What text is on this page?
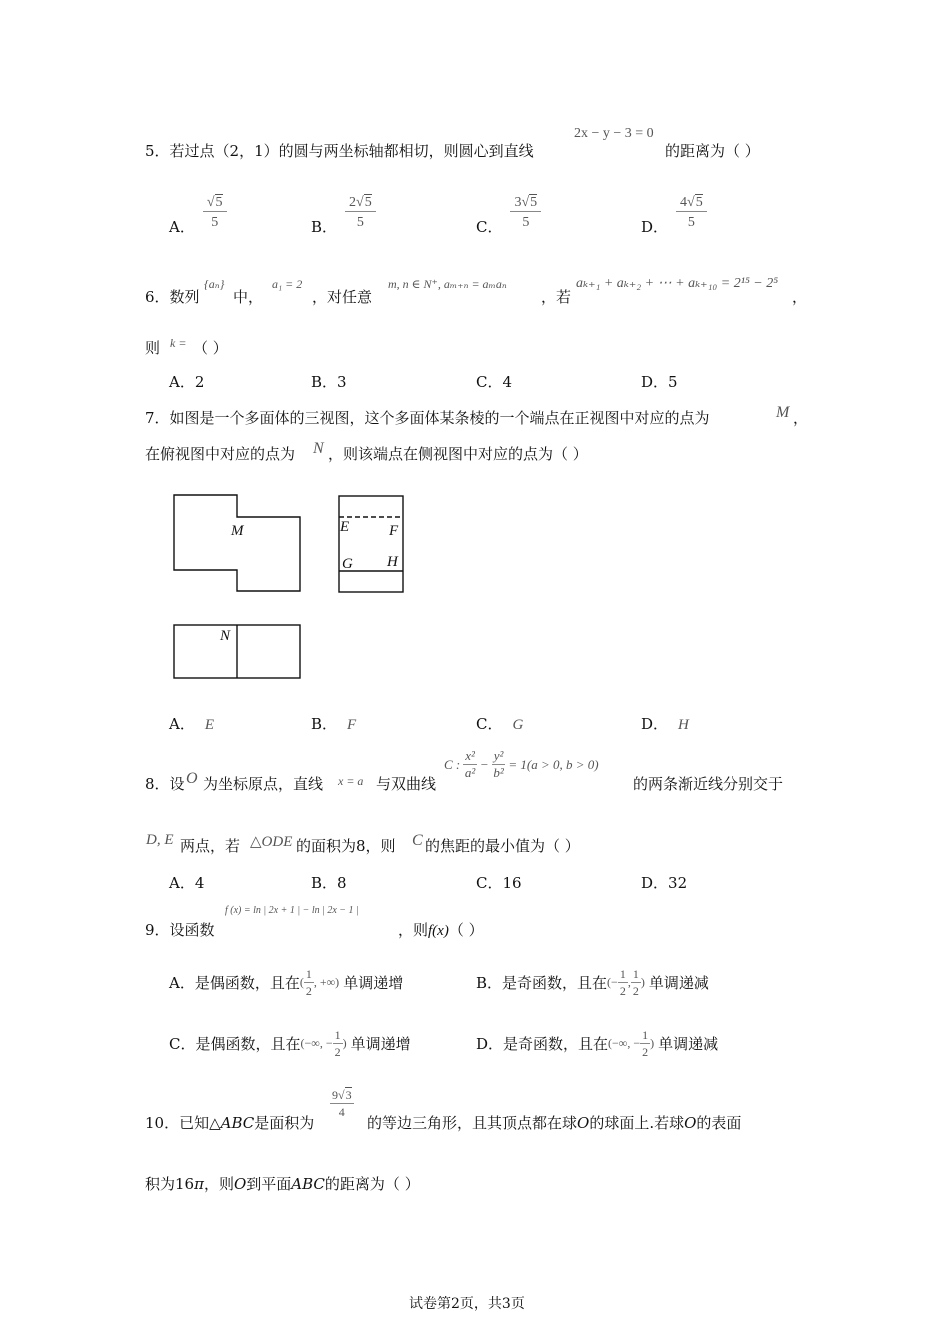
5．若过点（2，1）的圆与两坐标轴都相切，则圆心到直线
2x − y − 3 = 0
的距离为（ ）
A． $\frac{√5}{5}$	B． $\frac{2√5}{5}$	C． $\frac{3√5}{5}$	D． $\frac{4√5}{5}$
6．数列
{aₙ}
中，
a₁ = 2
，对任意
m, n ∈ N⁺, aₘ₊ₙ = aₘaₙ
，若
aₖ₊₁ + aₖ₊₂ + ⋯ + aₖ₊₁₀ = 2¹⁵ − 2⁵
，
则 k = （ ）
A．2	B．3	C．4	D．5
7．如图是一个多面体的三视图，这个多面体某条棱的一个端点在正视图中对应的点为	M ，
在俯视图中对应的点为 N ，则该端点在侧视图中对应的点为（ ）
M	E	F
G H
N
A． E	B． F	C． G	D． H
8．设 O 为坐标原点，直线 x = a 与双曲线
C : $\frac{\text{x²}}{\text{a²}} - \frac{\text{y²}}{\text{b²}} = 1(a > 0$, b > 0)
的两条渐近线分别交于
D, E 两点，若 △ODE 的面积为8，则 C 的焦距的最小值为（ ）
A．4	B．8	C．16	D．32
9．设函数
f (x) = ln | 2x + 1 | − ln | 2x − 1 |
，则f(x)（ ）
A． 是偶函数，且在 ( $\frac{1}{2}$ , +∞) 单调递增	B． 是奇函数，且在 (− $\frac{1}{2}$ , $\frac{1}{2}$ ) 单调递减
C． 是偶函数，且在 (−∞, − $\frac{1}{2}$ ) 单调递增	D． 是奇函数，且在 (−∞, − $\frac{1}{2}$ ) 单调递减
10．已知△ABC是面积为
$\frac{9√3}{4}$
的等边三角形，且其顶点都在球O的球面上.若球O的表面
积为16π，则O到平面ABC的距离为（ ）
试卷第2页，共3页
